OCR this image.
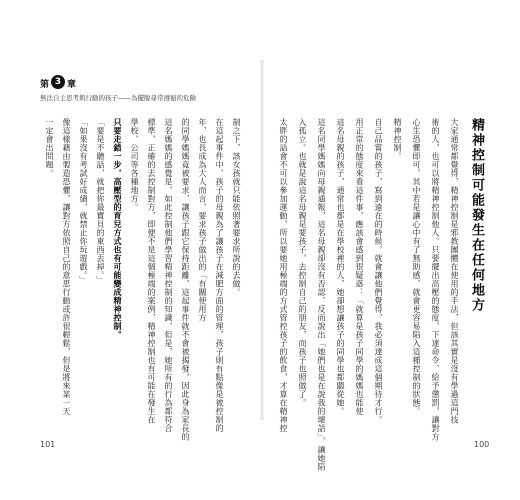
第 3 章
無法自主思考與行動的孩子——為擺脫尋常遵循的危險
精神控制可能發生在任何地方
大家通常都覺得，精神控制是邪教團體在使用的手法，但該其實是沒有學過這門技
術的人，也可以將精神控制他人。只要擺出高壓的態度，下達命令、給予懲罰，讓對方
心生恐懼即可，其中若是讓心中有了無助感，就會更容易陷入這種控制的狀態。
精神控制。
自己品嘗的孩子，寫到遠在的時候，就會讓他們覺得，我必須達成這個期待才行。
用正常的態度來看這件事，應該會感到很疑惑：「就算是孩子同學的媽媽也能使
這名母親的孩子，通常也都是在學校裡的人，她卻想讓孩子的同學也都聽從她。
這名同學媽媽向母親通報，這名母親卻沒有否認，反而說出「她們也是在說我的壞話」，讓她陷
入孤立。也就是說這名母親是要孩子，去控制自己的朋友，而孩子也照做了。
太胖的話會不可以參加運動，所以要她用極端的方式管控孩子的飲食，才算在精神控
制之下，該女孩就只能依照著要求所說的去做。
在這起事件中，孩子的母親為了讓孩子在減肥方面的管理，孩子則有點像是被控制的
年，也長成為大人而言，要求孩子做出的「有關使用方
的同學媽媽竟被要求，讓孩子跟它保持距離，這起事件就不會被揭發，因此身為家長的
這名媽媽的感覺是，如此控制他們學習精神控制的知識，但是，她所有的行為都符合
標準，正確的去控制對方，即便不是這個極端的案例，精神控制也有可能在發生在
學校、公司等各種地方。
只要走錯一步，高壓型的育兒方式也有可能變成精神控制。
「要是不聽話，就把你最寶貝的東西丟掉。」
「如果沒有考試好成績，就禁止你玩遊戲。」
像這樣藉由製造恐懼，讓對方依照自己的意思行動或許很輕鬆，但是將來某一天
一定會出問題。
101	100
